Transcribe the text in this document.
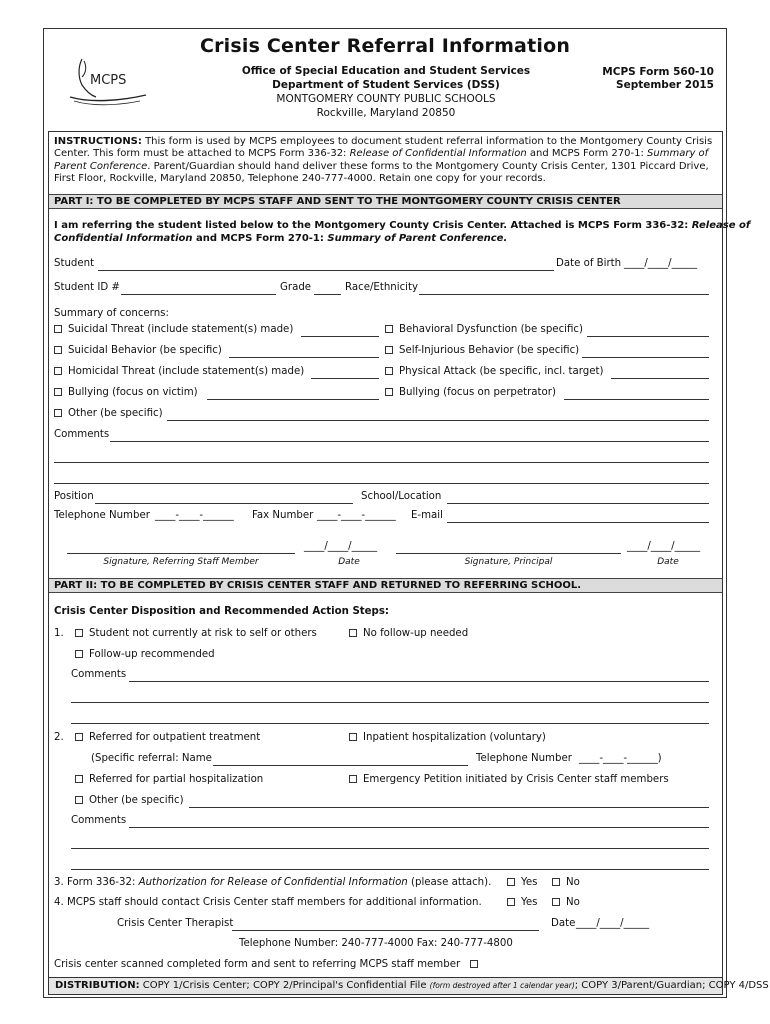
MCPS
Crisis Center Referral Information
Office of Special Education and Student Services
Department of Student Services (DSS)
MONTGOMERY COUNTY PUBLIC SCHOOLS
Rockville, Maryland 20850
MCPS Form 560-10
September 2015
INSTRUCTIONS: This form is used by MCPS employees to document student referral information to the Montgomery County Crisis Center. This form must be attached to MCPS Form 336-32: Release of Confidential Information and MCPS Form 270-1: Summary of Parent Conference. Parent/Guardian should hand deliver these forms to the Montgomery County Crisis Center, 1301 Piccard Drive, First Floor, Rockville, Maryland 20850, Telephone 240-777-4000. Retain one copy for your records.
PART I: TO BE COMPLETED BY MCPS STAFF AND SENT TO THE MONTGOMERY COUNTY CRISIS CENTER
I am referring the student listed below to the Montgomery County Crisis Center. Attached is MCPS Form 336-32: Release of
Confidential Information and MCPS Form 270-1: Summary of Parent Conference.
Student	Date of Birth ____/____/_____
Student ID #	Grade	Race/Ethnicity
Summary of concerns:
Suicidal Threat (include statement(s) made)	Behavioral Dysfunction (be specific)
Suicidal Behavior (be specific)	Self-Injurious Behavior (be specific)
Homicidal Threat (include statement(s) made)	Physical Attack (be specific, incl. target)
Bullying (focus on victim)	Bullying (focus on perpetrator)
Other (be specific)
Comments
Position	School/Location
Telephone Number ____-____-______ Fax Number ____-____-______ E-mail
____/____/_____	____/____/_____
Signature, Referring Staff Member	Date	Signature, Principal	Date
PART II: TO BE COMPLETED BY CRISIS CENTER STAFF AND RETURNED TO REFERRING SCHOOL.
Crisis Center Disposition and Recommended Action Steps:
1.	Student not currently at risk to self or others	No follow-up needed
Follow-up recommended
Comments
2.	Referred for outpatient treatment	Inpatient hospitalization (voluntary)
(Specific referral: Name	Telephone Number ____-____-______)
Referred for partial hospitalization	Emergency Petition initiated by Crisis Center staff members
Other (be specific)
Comments
3. Form 336-32: Authorization for Release of Confidential Information (please attach).	Yes	No
4. MCPS staff should contact Crisis Center staff members for additional information.	Yes	No
Crisis Center Therapist	Date ____/____/_____
Telephone Number: 240-777-4000 Fax: 240-777-4800
Crisis center scanned completed form and sent to referring MCPS staff member
DISTRIBUTION: COPY 1/Crisis Center; COPY 2/Principal's Confidential File (form destroyed after 1 calendar year); COPY 3/Parent/Guardian; COPY 4/DSS
